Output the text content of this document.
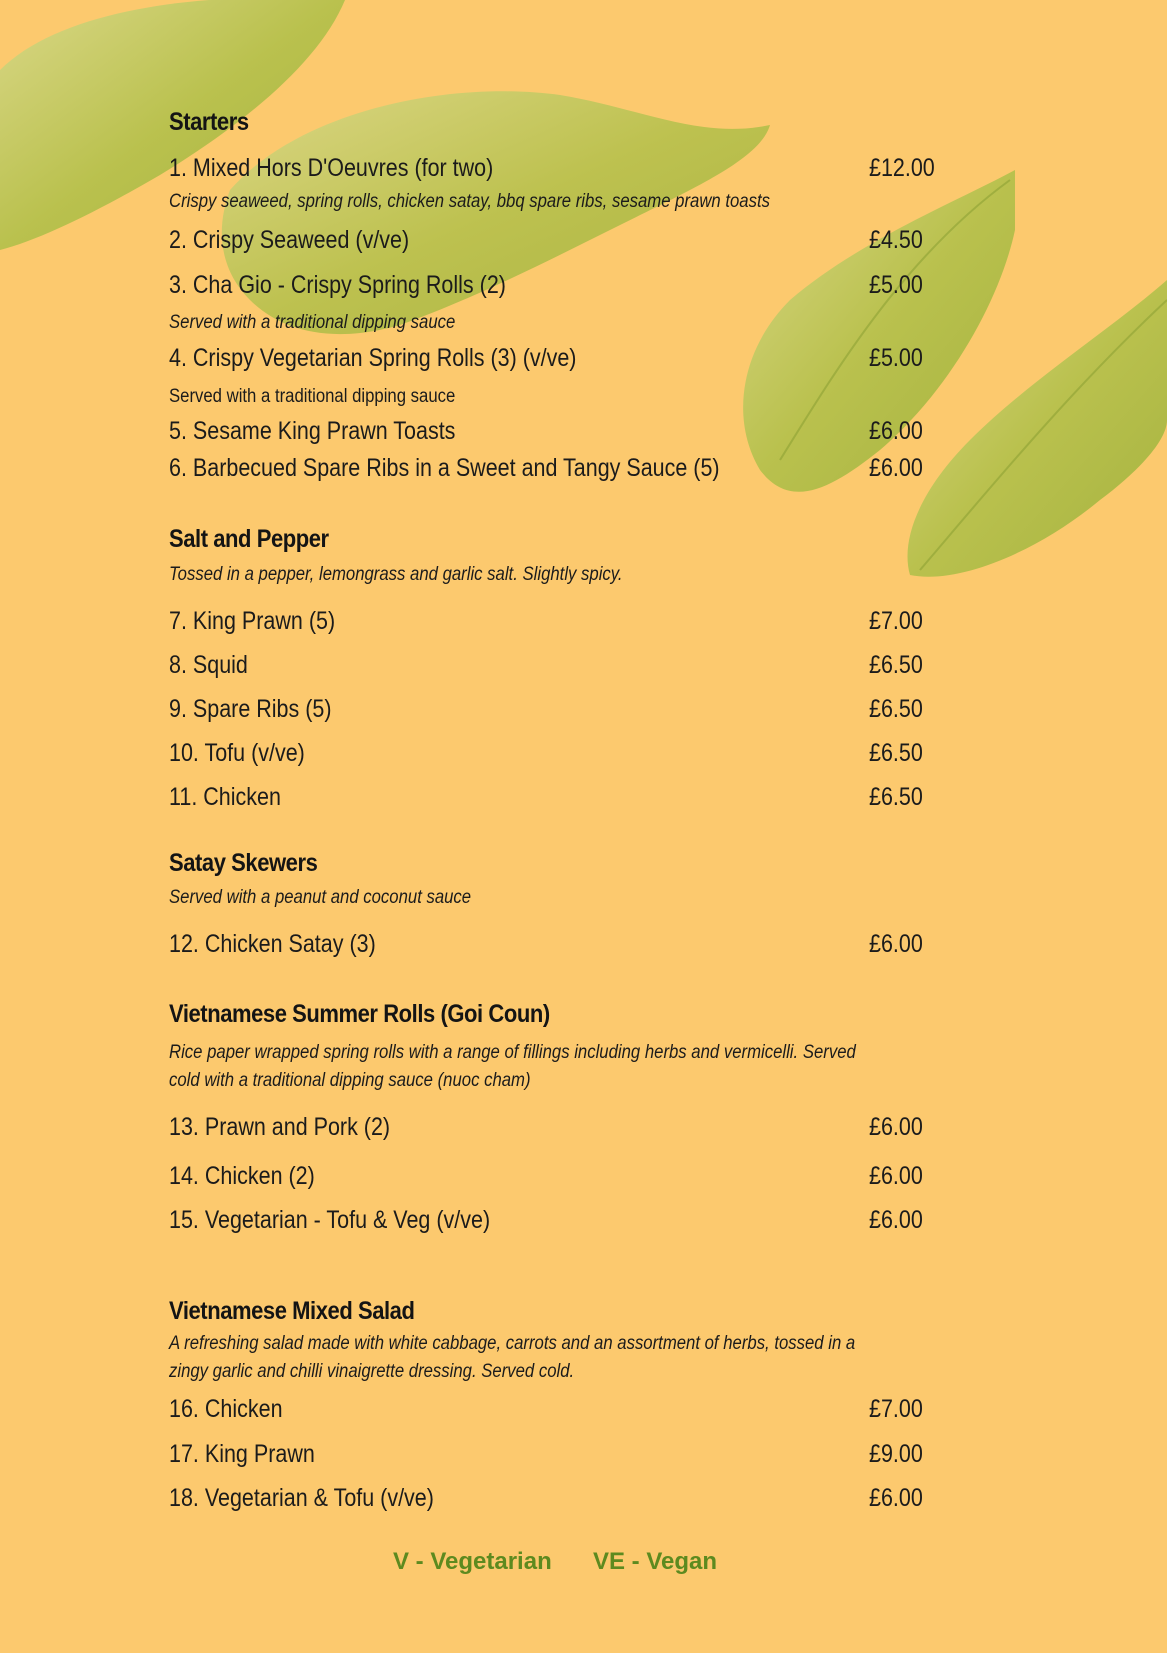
Starters
1. Mixed Hors D'Oeuvres (for two)	£12.00
Crispy seaweed, spring rolls, chicken satay, bbq spare ribs, sesame prawn toasts
2. Crispy Seaweed (v/ve)	£4.50
3. Cha Gio - Crispy Spring Rolls (2)	£5.00
Served with a traditional dipping sauce
4. Crispy Vegetarian Spring Rolls (3) (v/ve)	£5.00
Served with a traditional dipping sauce
5. Sesame King Prawn Toasts	£6.00
6. Barbecued Spare Ribs in a Sweet and Tangy Sauce (5)	£6.00
Salt and Pepper
Tossed in a pepper, lemongrass and garlic salt. Slightly spicy.
7. King Prawn (5)	£7.00
8. Squid	£6.50
9. Spare Ribs (5)	£6.50
10. Tofu (v/ve)	£6.50
11. Chicken	£6.50
Satay Skewers
Served with a peanut and coconut sauce
12. Chicken Satay (3)	£6.00
Vietnamese Summer Rolls (Goi Coun)
Rice paper wrapped spring rolls with a range of fillings including herbs and vermicelli. Served cold with a traditional dipping sauce (nuoc cham)
13. Prawn and Pork (2)	£6.00
14. Chicken (2)	£6.00
15. Vegetarian - Tofu & Veg (v/ve)	£6.00
Vietnamese Mixed Salad
A refreshing salad made with white cabbage, carrots and an assortment of herbs, tossed in a zingy garlic and chilli vinaigrette dressing. Served cold.
16. Chicken	£7.00
17. King Prawn	£9.00
18. Vegetarian & Tofu (v/ve)	£6.00
V - Vegetarian VE - Vegan
